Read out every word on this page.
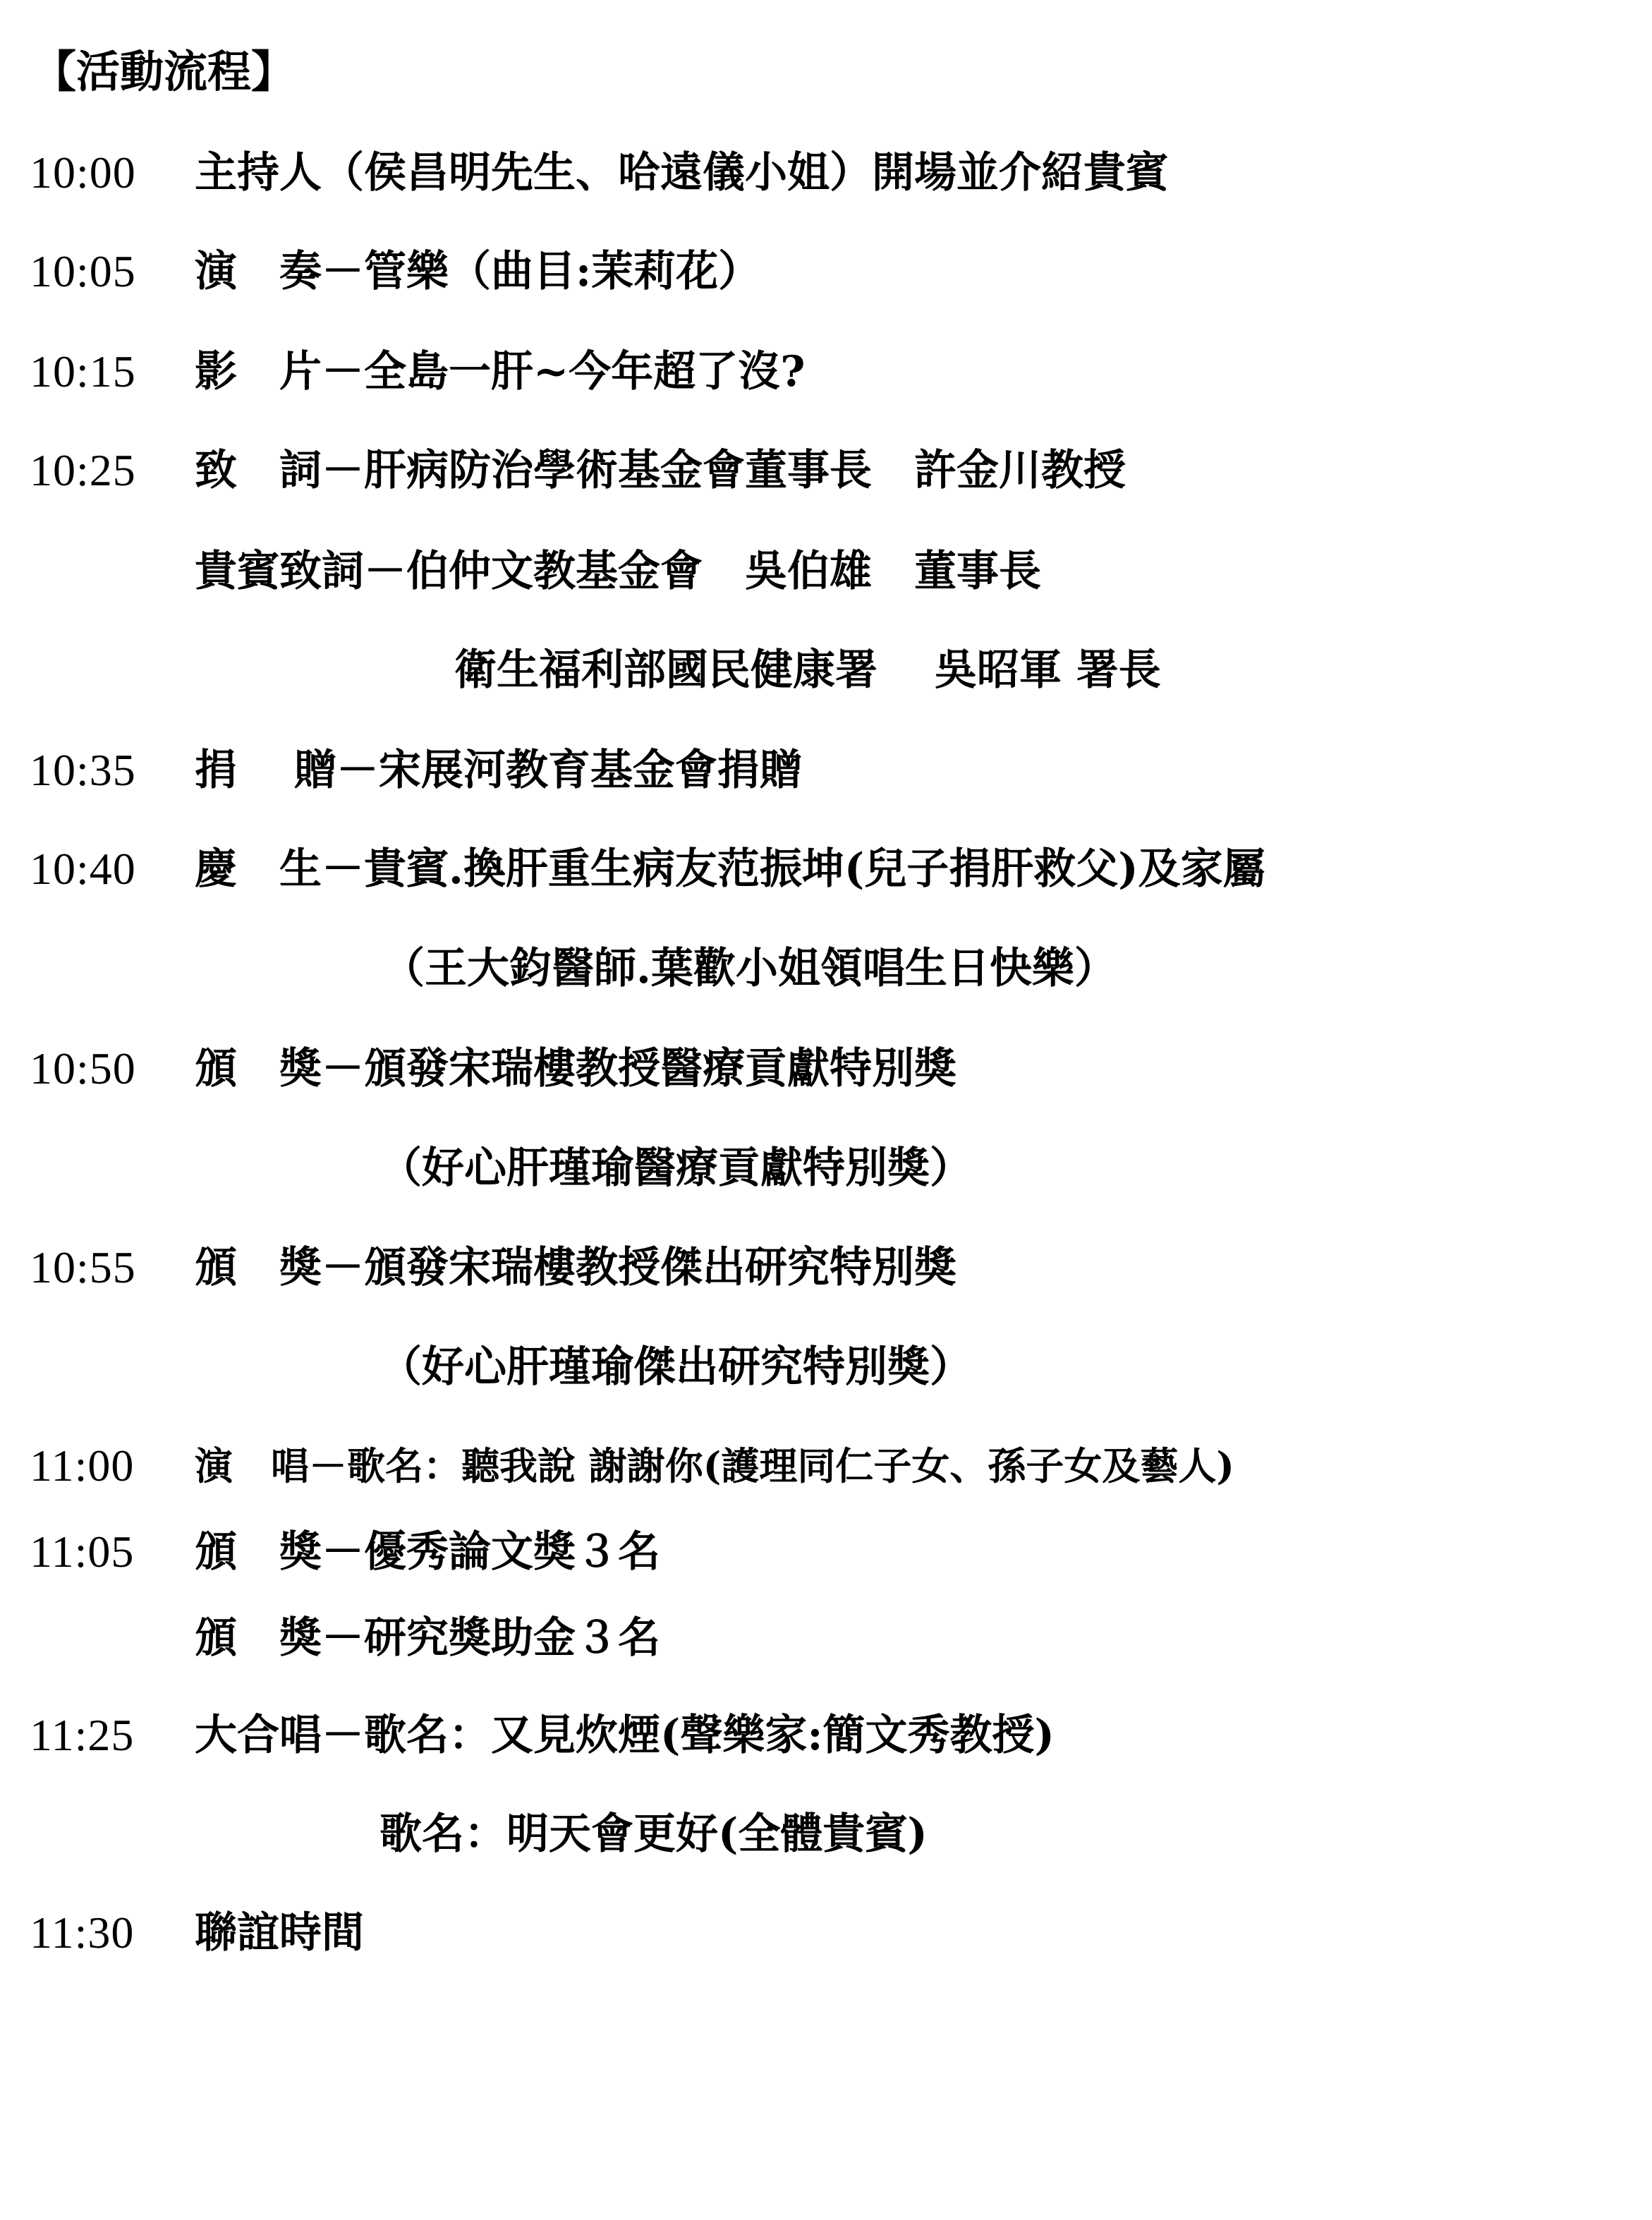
【活動流程】
10:00 主持人（侯昌明先生、哈遠儀小姐）開場並介紹貴賓
10:05 演　奏－管樂（曲目:茉莉花）
10:15 影　片－全島一肝~今年超了沒?
10:25 致　詞－肝病防治學術基金會董事長　許金川教授
貴賓致詞－伯仲文教基金會　吳伯雄　董事長
衛生福利部國民健康署　 吳昭軍 署長
10:35 捐　 贈－宋展河教育基金會捐贈
10:40 慶　生－貴賓.換肝重生病友范振坤(兒子捐肝救父)及家屬
（王大鈞醫師.葉歡小姐領唱生日快樂）
10:50 頒　獎－頒發宋瑞樓教授醫療貢獻特別獎
（好心肝瑾瑜醫療貢獻特別獎）
10:55 頒　獎－頒發宋瑞樓教授傑出研究特別獎
（好心肝瑾瑜傑出研究特別獎）
11:00 演　唱－歌名：聽我說 謝謝你(護理同仁子女、孫子女及藝人)
11:05 頒　獎－優秀論文獎３名
頒　獎－研究獎助金３名
11:25 大合唱－歌名：又見炊煙(聲樂家:簡文秀教授)
歌名：明天會更好(全體貴賓)
11:30 聯誼時間
